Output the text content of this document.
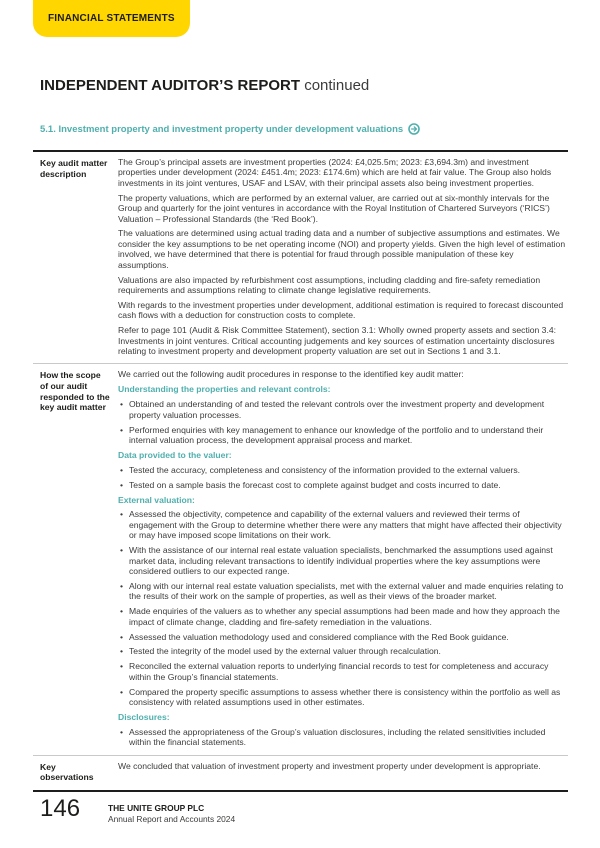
FINANCIAL STATEMENTS
INDEPENDENT AUDITOR’S REPORT continued
5.1. Investment property and investment property under development valuations
Key audit matter description
The Group’s principal assets are investment properties (2024: £4,025.5m; 2023: £3,694.3m) and investment properties under development (2024: £451.4m; 2023: £174.6m) which are held at fair value. The Group also holds investments in its joint ventures, USAF and LSAV, with their principal assets also being investment properties.
The property valuations, which are performed by an external valuer, are carried out at six-monthly intervals for the Group and quarterly for the joint ventures in accordance with the Royal Institution of Chartered Surveyors (‘RICS’) Valuation – Professional Standards (the ‘Red Book’).
The valuations are determined using actual trading data and a number of subjective assumptions and estimates. We consider the key assumptions to be net operating income (NOI) and property yields. Given the high level of estimation involved, we have determined that there is potential for fraud through possible manipulation of these key assumptions.
Valuations are also impacted by refurbishment cost assumptions, including cladding and fire-safety remediation requirements and assumptions relating to climate change legislative requirements.
With regards to the investment properties under development, additional estimation is required to forecast discounted cash flows with a deduction for construction costs to complete.
Refer to page 101 (Audit & Risk Committee Statement), section 3.1: Wholly owned property assets and section 3.4: Investments in joint ventures. Critical accounting judgements and key sources of estimation uncertainty disclosures relating to investment property and development property valuation are set out in Sections 1 and 3.1.
How the scope of our audit responded to the key audit matter
We carried out the following audit procedures in response to the identified key audit matter:
Understanding the properties and relevant controls:
• Obtained an understanding of and tested the relevant controls over the investment property and development property valuation processes.
• Performed enquiries with key management to enhance our knowledge of the portfolio and to understand their internal valuation process, the development appraisal process and market.
Data provided to the valuer:
• Tested the accuracy, completeness and consistency of the information provided to the external valuers.
• Tested on a sample basis the forecast cost to complete against budget and costs incurred to date.
External valuation:
• Assessed the objectivity, competence and capability of the external valuers and reviewed their terms of engagement with the Group to determine whether there were any matters that might have affected their objectivity or may have imposed scope limitations on their work.
• With the assistance of our internal real estate valuation specialists, benchmarked the assumptions used against market data, including relevant transactions to identify individual properties where the key assumptions were considered outliers to our expected range.
• Along with our internal real estate valuation specialists, met with the external valuer and made enquiries relating to the results of their work on the sample of properties, as well as their views of the broader market.
• Made enquiries of the valuers as to whether any special assumptions had been made and how they approach the impact of climate change, cladding and fire-safety remediation in the valuations.
• Assessed the valuation methodology used and considered compliance with the Red Book guidance.
• Tested the integrity of the model used by the external valuer through recalculation.
• Reconciled the external valuation reports to underlying financial records to test for completeness and accuracy within the Group’s financial statements.
• Compared the property specific assumptions to assess whether there is consistency within the portfolio as well as consistency with related assumptions used in other estimates.
Disclosures:
• Assessed the appropriateness of the Group’s valuation disclosures, including the related sensitivities included within the financial statements.
Key observations
We concluded that valuation of investment property and investment property under development is appropriate.
146	THE UNITE GROUP PLC
Annual Report and Accounts 2024
